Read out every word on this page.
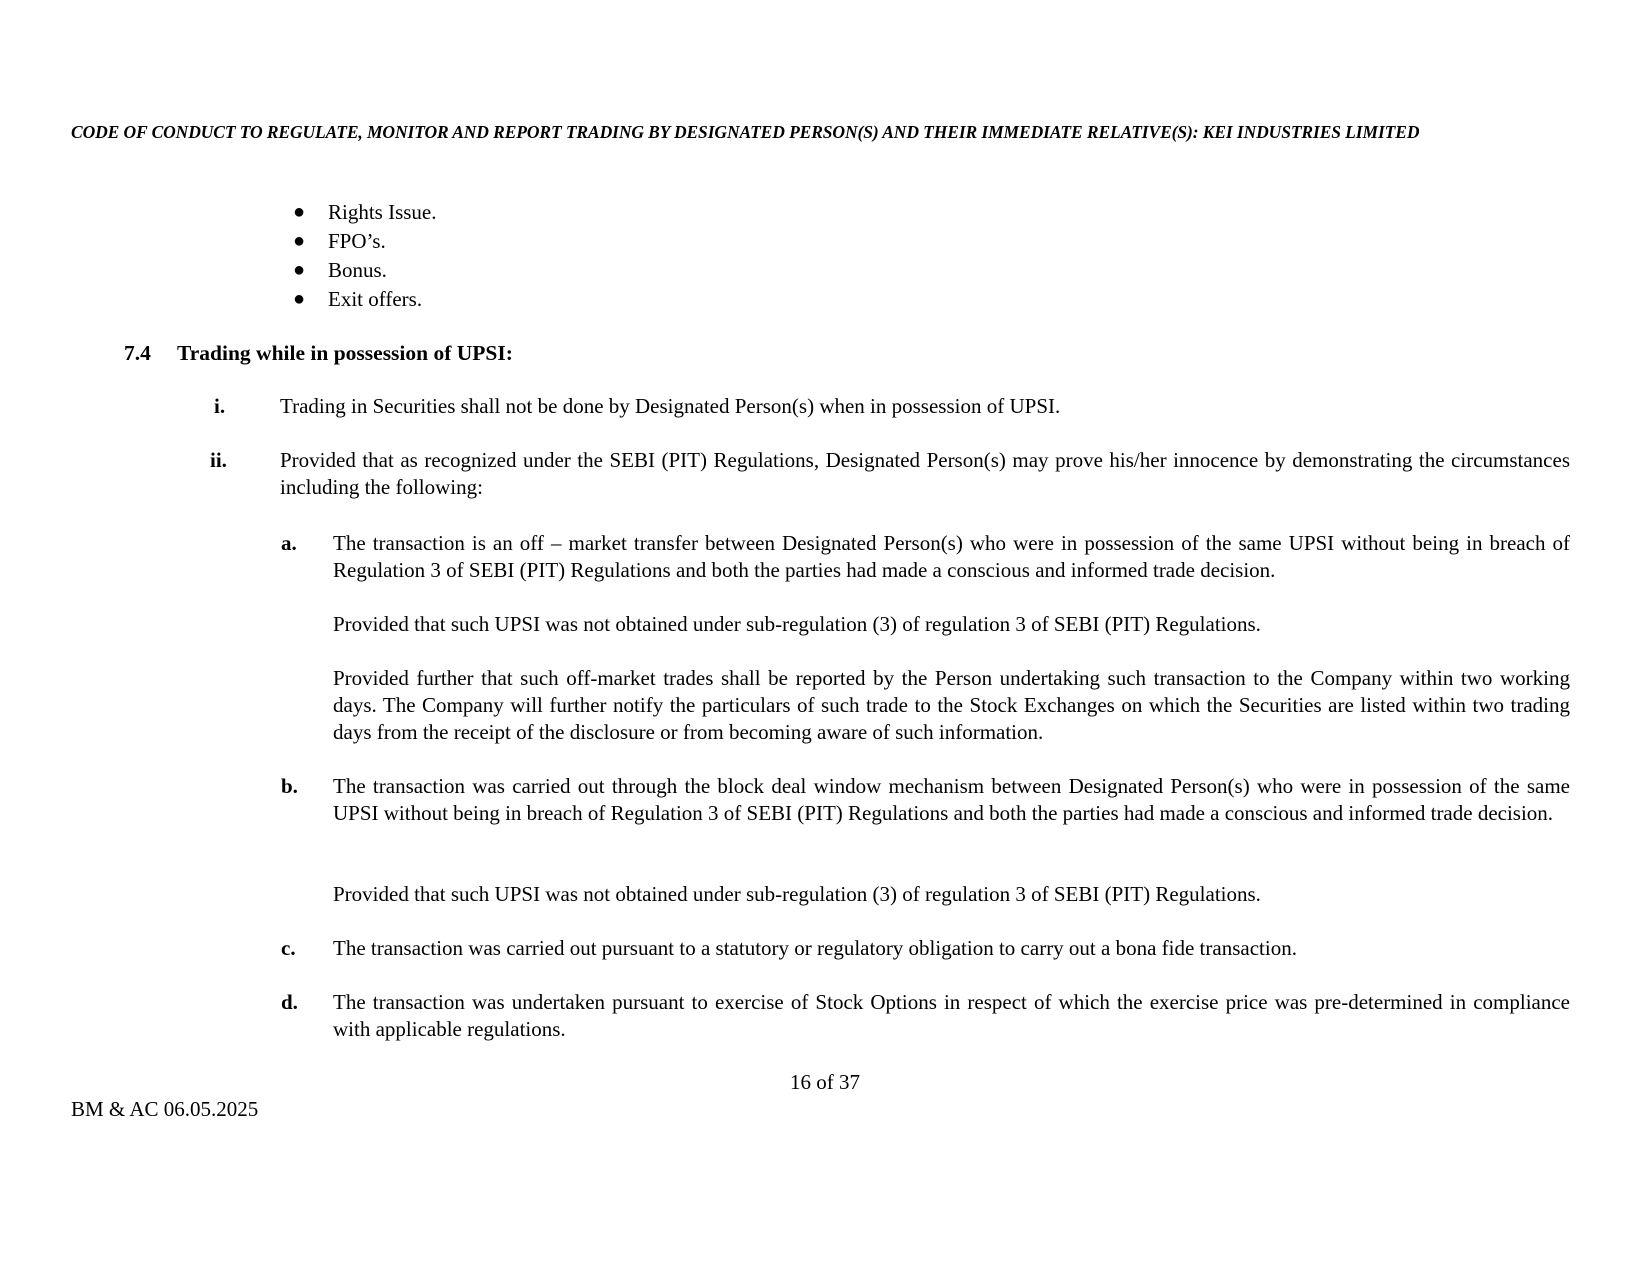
CODE OF CONDUCT TO REGULATE, MONITOR AND REPORT TRADING BY DESIGNATED PERSON(S) AND THEIR IMMEDIATE RELATIVE(S): KEI INDUSTRIES LIMITED
● Rights Issue.
● FPO’s.
● Bonus.
● Exit offers.
7.4 Trading while in possession of UPSI:
i.	Trading in Securities shall not be done by Designated Person(s) when in possession of UPSI.
ii.	Provided that as recognized under the SEBI (PIT) Regulations, Designated Person(s) may prove his/her innocence by demonstrating the circumstances including the following:
a. The transaction is an off – market transfer between Designated Person(s) who were in possession of the same UPSI without being in breach of Regulation 3 of SEBI (PIT) Regulations and both the parties had made a conscious and informed trade decision.
Provided that such UPSI was not obtained under sub-regulation (3) of regulation 3 of SEBI (PIT) Regulations.
Provided further that such off-market trades shall be reported by the Person undertaking such transaction to the Company within two working days. The Company will further notify the particulars of such trade to the Stock Exchanges on which the Securities are listed within two trading days from the receipt of the disclosure or from becoming aware of such information.
b. The transaction was carried out through the block deal window mechanism between Designated Person(s) who were in possession of the same UPSI without being in breach of Regulation 3 of SEBI (PIT) Regulations and both the parties had made a conscious and informed trade decision.
Provided that such UPSI was not obtained under sub-regulation (3) of regulation 3 of SEBI (PIT) Regulations.
c. The transaction was carried out pursuant to a statutory or regulatory obligation to carry out a bona fide transaction.
d. The transaction was undertaken pursuant to exercise of Stock Options in respect of which the exercise price was pre-determined in compliance with applicable regulations.
16 of 37
BM & AC 06.05.2025
